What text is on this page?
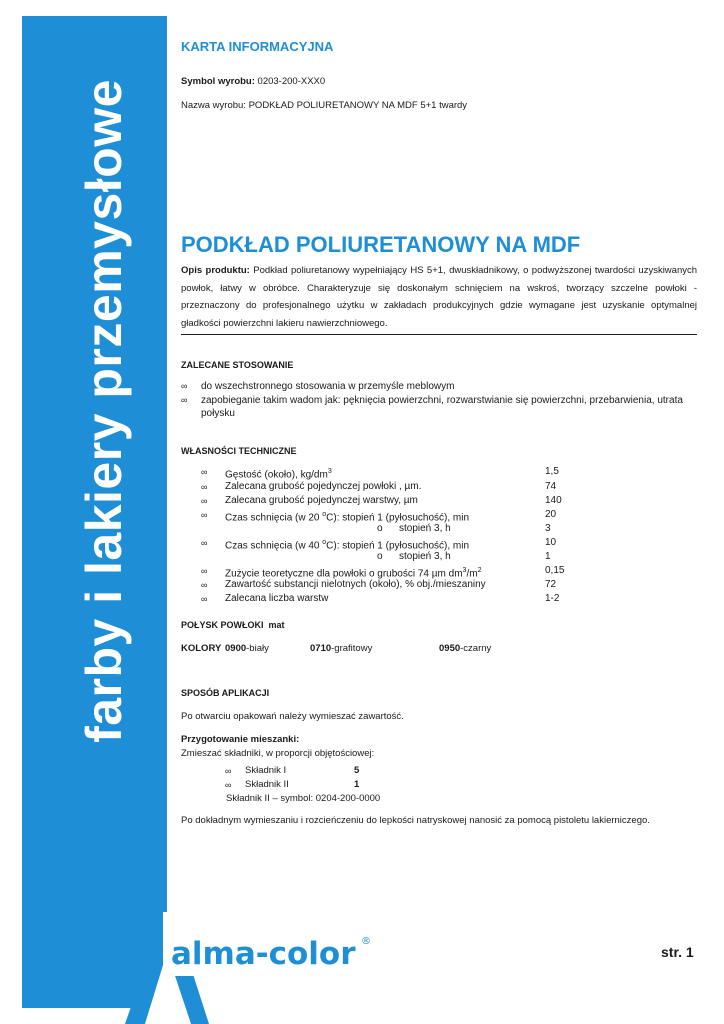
farby i lakiery przemysłowe
alma-color ®
KARTA INFORMACYJNA
Symbol wyrobu: 0203-200-XXX0
Nazwa wyrobu: PODKŁAD POLIURETANOWY NA MDF 5+1 twardy
PODKŁAD POLIURETANOWY NA MDF
Opis produktu: Podkład poliuretanowy wypełniający HS 5+1, dwuskładnikowy, o podwyższonej twardości uzyskiwanych powłok, łatwy w obróbce. Charakteryzuje się doskonałym schnięciem na wskroś, tworzący szczelne powłoki - przeznaczony do profesjonalnego użytku w zakładach produkcyjnych gdzie wymagane jest uzyskanie optymalnej gładkości powierzchni lakieru nawierzchniowego.
ZALECANE STOSOWANIE
∞ do wszechstronnego stosowania w przemyśle meblowym
∞ zapobieganie takim wadom jak: pęknięcia powierzchni, rozwarstwianie się powierzchni, przebarwienia, utrata
połysku
WŁASNOŚCI TECHNICZNE
∞ Gęstość (około), $kg/dm^3$	1,5
∞ Zalecana grubość pojedynczej powłoki , µm.	74
∞ Zalecana grubość pojedynczej warstwy, µm	140
∞ Czas schnięcia (w 20 $^o$C): stopień 1 (pyłosuchość), min	20
o stopień 3, h	3
∞ Czas schnięcia (w 40 $^o$C): stopień 1 (pyłosuchość), min	10
o stopień 3, h	1
∞ Zużycie teoretyczne dla powłoki o grubości 74 µm $dm^3/m^2$	0,15
∞ Zawartość substancji nielotnych (około), % obj./mieszaniny	72
∞ Zalecana liczba warstw	1-2
POŁYSK POWŁOKI mat
KOLORY 0900-biały	0710-grafitowy	0950-czarny
SPOSÓB APLIKACJI
Po otwarciu opakowań należy wymieszać zawartość.
Przygotowanie mieszanki:
Zmieszać składniki, w proporcji objętościowej:
∞ Składnik I	5
∞ Składnik II	1
Składnik II – symbol: 0204-200-0000
Po dokładnym wymieszaniu i rozcieńczeniu do lepkości natryskowej nanosić za pomocą pistoletu lakierniczego.
str. 1
